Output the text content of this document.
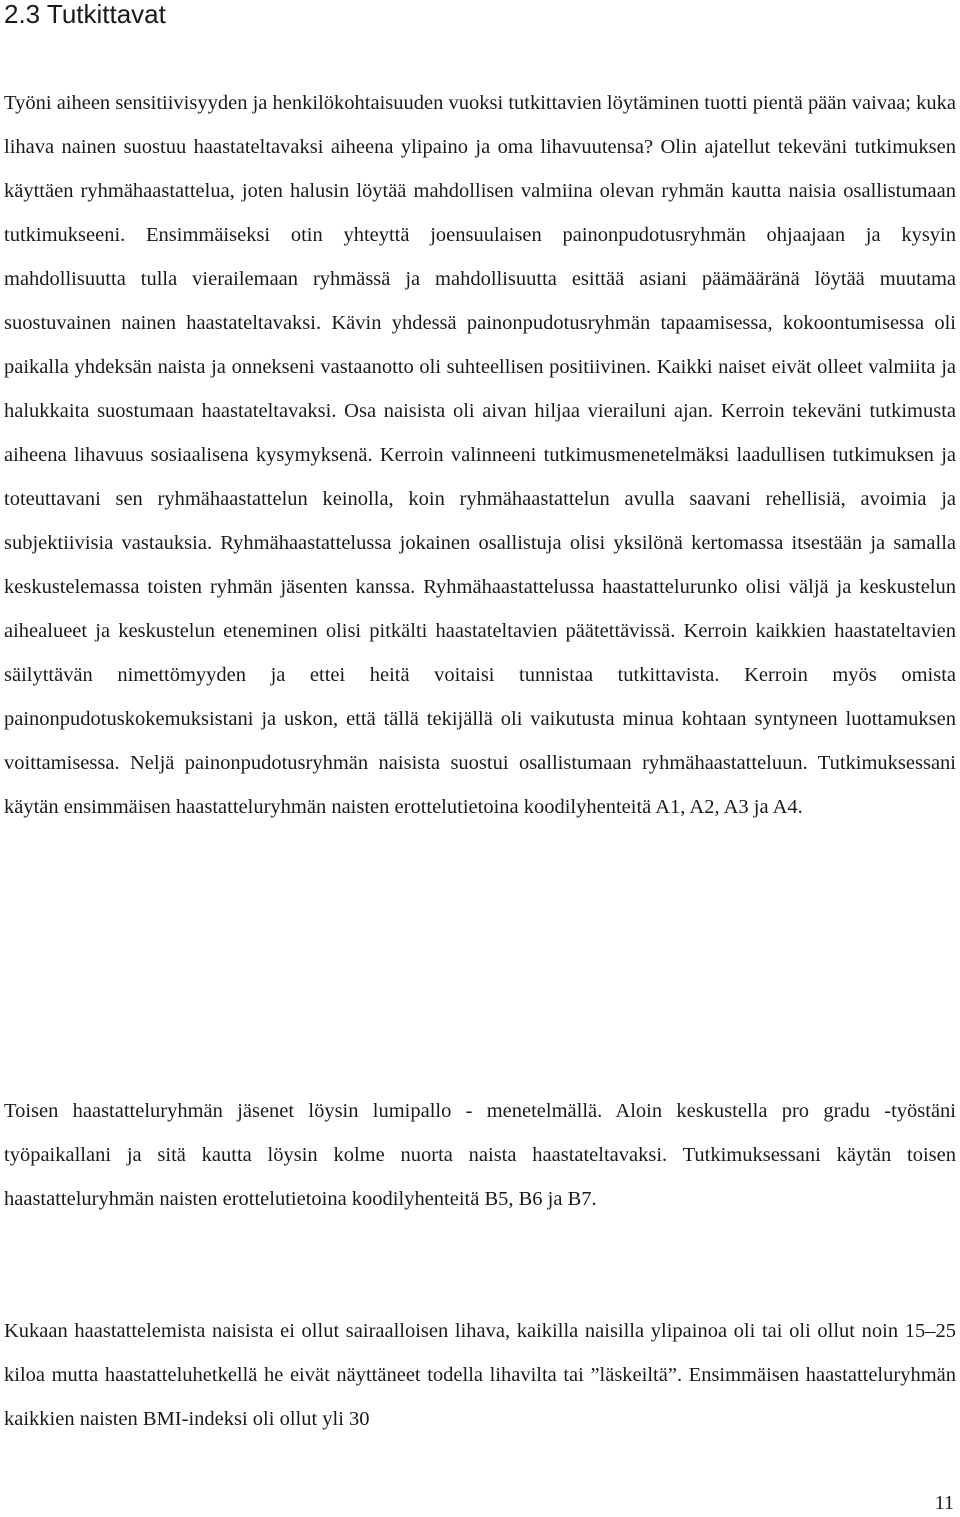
2.3 Tutkittavat

Työni aiheen sensitiivisyyden ja henkilökohtaisuuden vuoksi tutkittavien löytäminen tuotti pientä pään vaivaa; kuka lihava nainen suostuu haastateltavaksi aiheena ylipaino ja oma lihavuutensa? Olin ajatellut tekeväni tutkimuksen käyttäen ryhmähaastattelua, joten halusin löytää mahdollisen valmiina olevan ryhmän kautta naisia osallistumaan tutkimukseeni. Ensimmäiseksi otin yhteyttä joensuulaisen painonpudotusryhmän ohjaajaan ja kysyin mahdollisuutta tulla vierailemaan ryhmässä ja mahdollisuutta esittää asiani päämääränä löytää muutama suostuvainen nainen haastateltavaksi. Kävin yhdessä painonpudotusryhmän tapaamisessa, kokoontumisessa oli paikalla yhdeksän naista ja onnekseni vastaanotto oli suhteellisen positiivinen. Kaikki naiset eivät olleet valmiita ja halukkaita suostumaan haastateltavaksi. Osa naisista oli aivan hiljaa vierailuni ajan. Kerroin tekeväni tutkimusta aiheena lihavuus sosiaalisena kysymyksenä. Kerroin valinneeni tutkimusmenetelmäksi laadullisen tutkimuksen ja toteuttavani sen ryhmähaastattelun keinolla, koin ryhmähaastattelun avulla saavani rehellisiä, avoimia ja subjektiivisia vastauksia. Ryhmähaastattelussa jokainen osallistuja olisi yksilönä kertomassa itsestään ja samalla keskustelemassa toisten ryhmän jäsenten kanssa. Ryhmähaastattelussa haastattelurunko olisi väljä ja keskustelun aihealueet ja keskustelun eteneminen olisi pitkälti haastateltavien päätettävissä. Kerroin kaikkien haastateltavien säilyttävän nimettömyyden ja ettei heitä voitaisi tunnistaa tutkittavista. Kerroin myös omista painonpudotuskokemuksistani ja uskon, että tällä tekijällä oli vaikutusta minua kohtaan syntyneen luottamuksen voittamisessa. Neljä painonpudotusryhmän naisista suostui osallistumaan ryhmähaastatteluun. Tutkimuksessani käytän ensimmäisen haastatteluryhmän naisten erottelutietoina koodilyhenteitä A1, A2, A3 ja A4.

Toisen haastatteluryhmän jäsenet löysin lumipallo - menetelmällä. Aloin keskustella pro gradu -työstäni työpaikallani ja sitä kautta löysin kolme nuorta naista haastateltavaksi. Tutkimuksessani käytän toisen haastatteluryhmän naisten erottelutietoina koodilyhenteitä B5, B6 ja B7.

Kukaan haastattelemista naisista ei ollut sairaalloisen lihava, kaikilla naisilla ylipainoa oli tai oli ollut noin 15–25 kiloa mutta haastatteluhetkellä he eivät näyttäneet todella lihavilta tai ”läskeiltä”. Ensimmäisen haastatteluryhmän kaikkien naisten BMI-indeksi oli ollut yli 30

11
